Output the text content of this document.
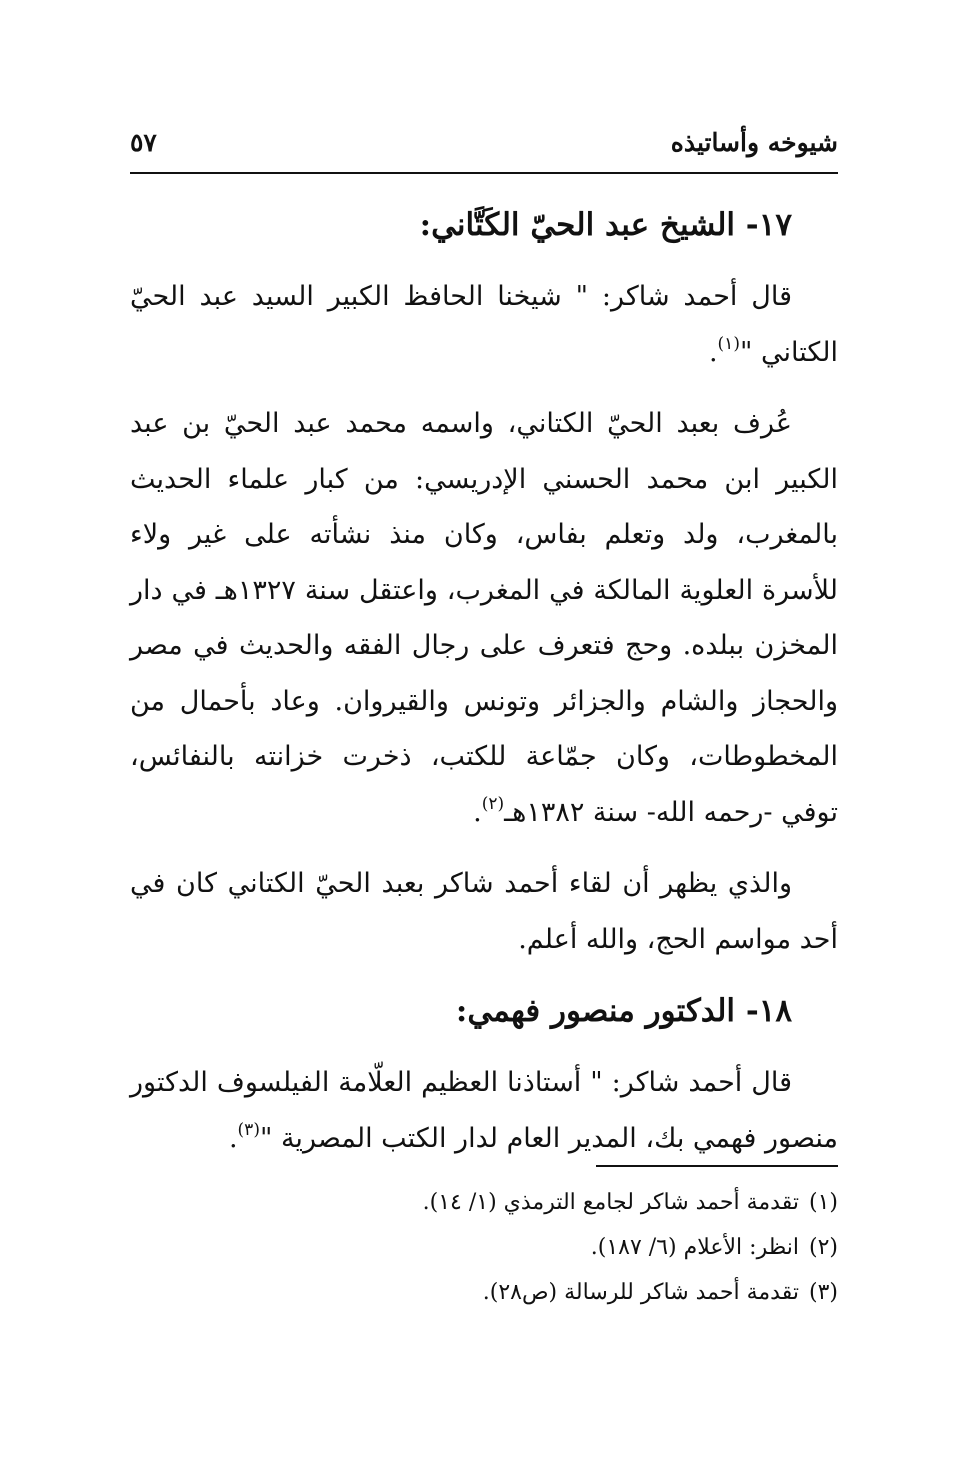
شيوخه وأساتيذه
٥٧
١٧- الشيخ عبد الحيّ الكَتَّاني:

قال أحمد شاكر: " شيخنا الحافظ الكبير السيد عبد الحيّ الكتاني "$^{(١)}$.

عُرف بعبد الحيّ الكتاني، واسمه محمد عبد الحيّ بن عبد الكبير ابن محمد الحسني الإدريسي: من كبار علماء الحديث بالمغرب، ولد وتعلم بفاس، وكان منذ نشأته على غير ولاء للأسرة العلوية المالكة في المغرب، واعتقل سنة ١٣٢٧هـ في دار المخزن ببلده. وحج فتعرف على رجال الفقه والحديث في مصر والحجاز والشام والجزائر وتونس والقيروان. وعاد بأحمال من المخطوطات، وكان جمّاعة للكتب، ذخرت خزانته بالنفائس، توفي -رحمه الله- سنة ١٣٨٢هـ$^{(٢)}$.

والذي يظهر أن لقاء أحمد شاكر بعبد الحيّ الكتاني كان في أحد مواسم الحج، والله أعلم.

١٨- الدكتور منصور فهمي:

قال أحمد شاكر: " أستاذنا العظيم العلّامة الفيلسوف الدكتور منصور فهمي بك، المدير العام لدار الكتب المصرية "$^{(٣)}$.

(١)
تقدمة أحمد شاكر لجامع الترمذي (١/ ١٤).
(٢)
انظر: الأعلام (٦/ ١٨٧).
(٣)
تقدمة أحمد شاكر للرسالة (ص٢٨).
